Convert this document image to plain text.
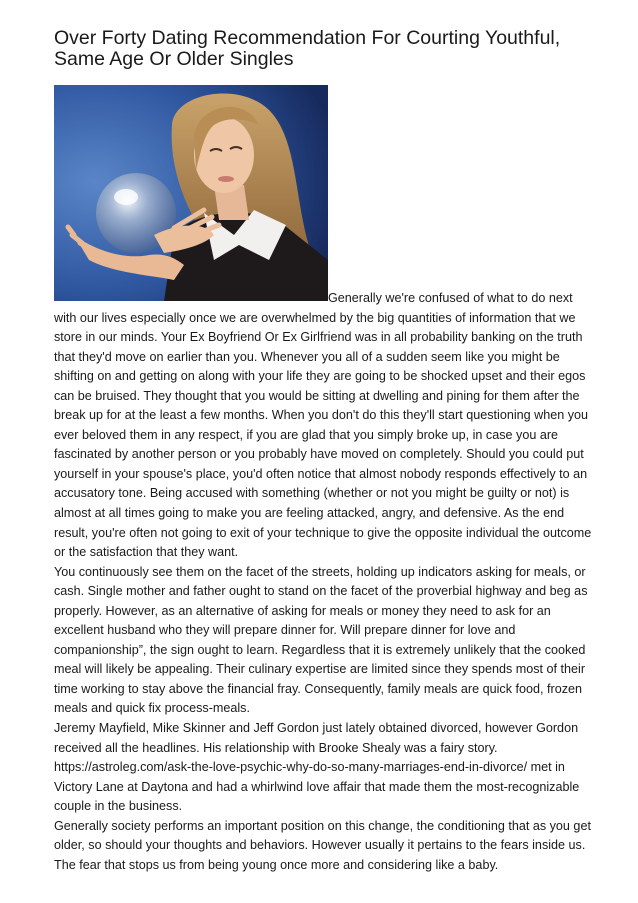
Over Forty Dating Recommendation For Courting Youthful, Same Age Or Older Singles

Generally we're confused of what to do next with our lives especially once we are overwhelmed by the big quantities of information that we store in our minds. Your Ex Boyfriend Or Ex Girlfriend was in all probability banking on the truth that they'd move on earlier than you. Whenever you all of a sudden seem like you might be shifting on and getting on along with your life they are going to be shocked upset and their egos can be bruised. They thought that you would be sitting at dwelling and pining for them after the break up for at the least a few months. When you don't do this they'll start questioning when you ever beloved them in any respect, if you are glad that you simply broke up, in case you are fascinated by another person or you probably have moved on completely. Should you could put yourself in your spouse's place, you'd often notice that almost nobody responds effectively to an accusatory tone. Being accused with something (whether or not you might be guilty or not) is almost at all times going to make you are feeling attacked, angry, and defensive. As the end result, you're often not going to exit of your technique to give the opposite individual the outcome or the satisfaction that they want.

You continuously see them on the facet of the streets, holding up indicators asking for meals, or cash. Single mother and father ought to stand on the facet of the proverbial highway and beg as properly. However, as an alternative of asking for meals or money they need to ask for an excellent husband who they will prepare dinner for. Will prepare dinner for love and companionship”, the sign ought to learn. Regardless that it is extremely unlikely that the cooked meal will likely be appealing. Their culinary expertise are limited since they spends most of their time working to stay above the financial fray. Consequently, family meals are quick food, frozen meals and quick fix process-meals.

Jeremy Mayfield, Mike Skinner and Jeff Gordon just lately obtained divorced, however Gordon received all the headlines. His relationship with Brooke Shealy was a fairy story.

https://astroleg.com/ask-the-love-psychic-why-do-so-many-marriages-end-in-divorce/ met in

Victory Lane at Daytona and had a whirlwind love affair that made them the most-recognizable couple in the business.

Generally society performs an important position on this change, the conditioning that as you get older, so should your thoughts and behaviors. However usually it pertains to the fears inside us. The fear that stops us from being young once more and considering like a baby.
